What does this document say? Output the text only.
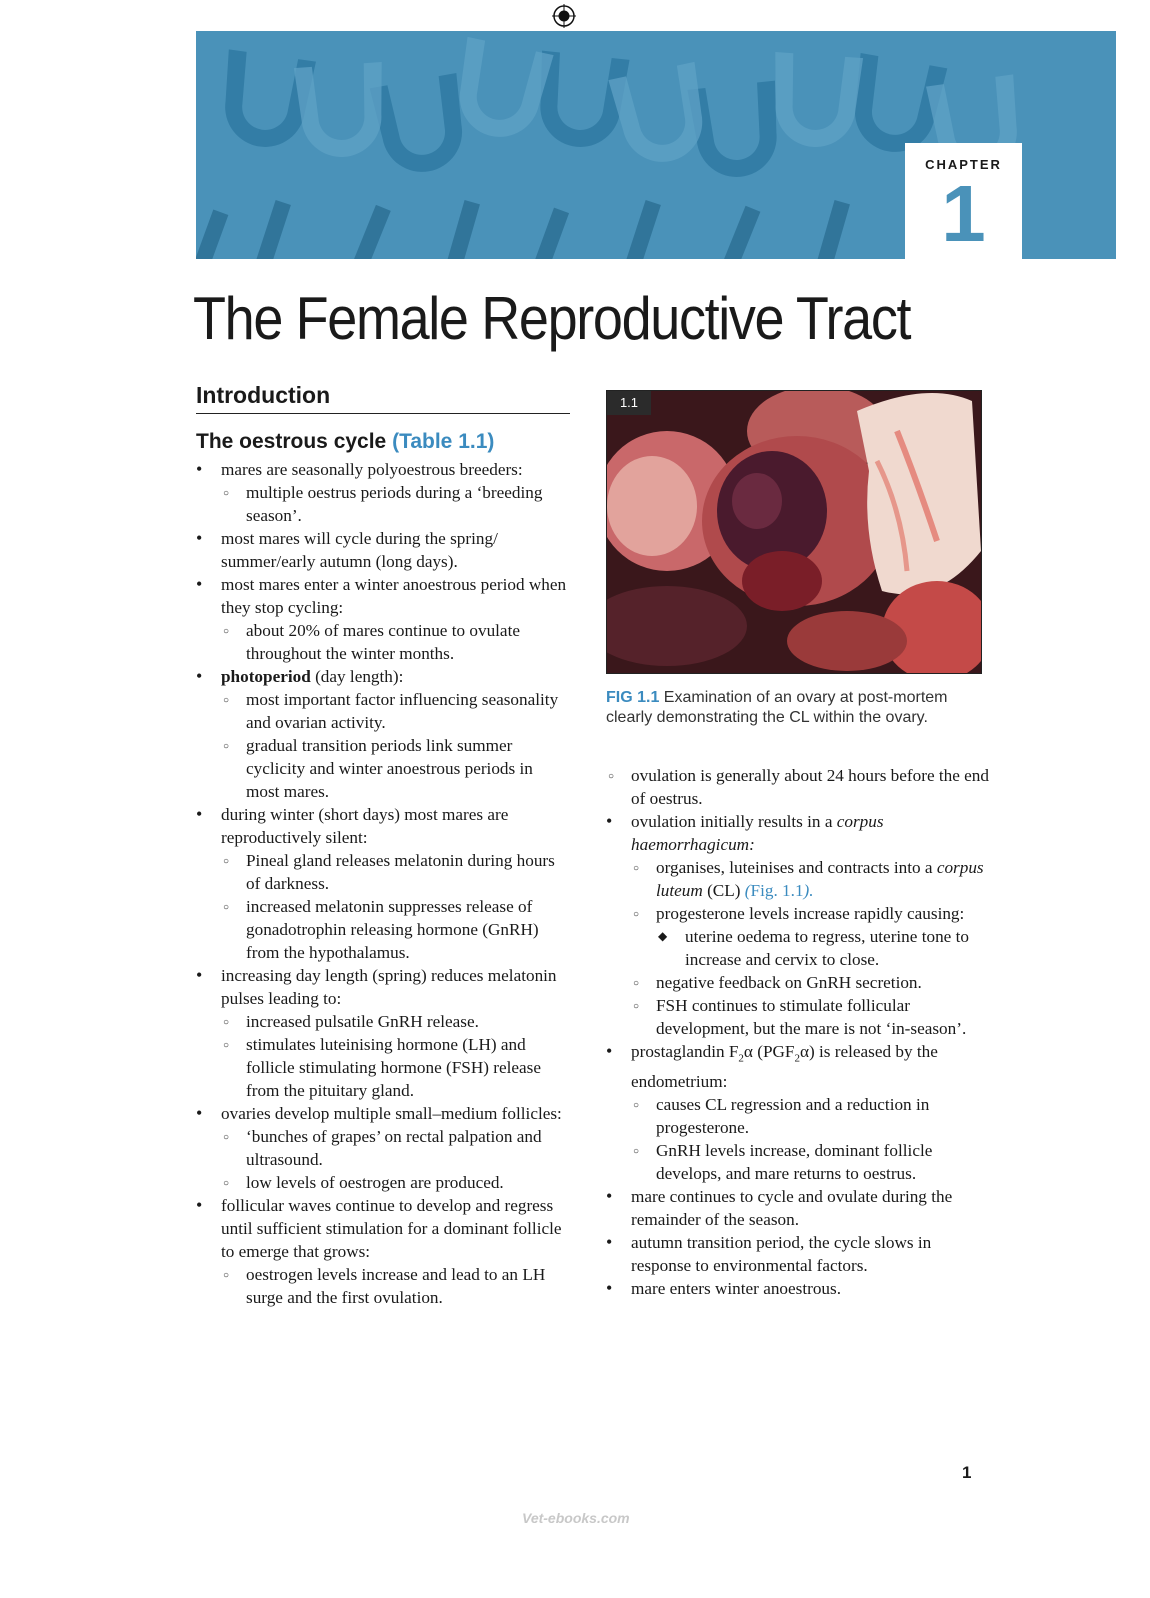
CHAPTER
1
The Female Reproductive Tract
Introduction
The oestrous cycle (Table 1.1)
• mares are seasonally polyoestrous breeders:
○ multiple oestrus periods during a ‘breeding season’.
• most mares will cycle during the spring/ summer/early autumn (long days).
• most mares enter a winter anoestrous period when they stop cycling:
○ about 20% of mares continue to ovulate throughout the winter months.
• photoperiod (day length):
○ most important factor influencing seasonality and ovarian activity.
○ gradual transition periods link summer cyclicity and winter anoestrous periods in most mares.
• during winter (short days) most mares are reproductively silent:
○ Pineal gland releases melatonin during hours of darkness.
○ increased melatonin suppresses release of gonadotrophin releasing hormone (GnRH) from the hypothalamus.
• increasing day length (spring) reduces melatonin pulses leading to:
○ increased pulsatile GnRH release.
○ stimulates luteinising hormone (LH) and follicle stimulating hormone (FSH) release from the pituitary gland.
• ovaries develop multiple small–medium follicles:
○ ‘bunches of grapes’ on rectal palpation and ultrasound.
○ low levels of oestrogen are produced.
• follicular waves continue to develop and regress until sufficient stimulation for a dominant follicle to emerge that grows:
○ oestrogen levels increase and lead to an LH surge and the first ovulation.
1.1
FIG 1.1 Examination of an ovary at post-mortem clearly demonstrating the CL within the ovary.
○ ovulation is generally about 24 hours before the end of oestrus.
• ovulation initially results in a corpus haemorrhagicum:
○ organises, luteinises and contracts into a corpus luteum (CL) (Fig. 1.1).
○ progesterone levels increase rapidly causing:
◆ uterine oedema to regress, uterine tone to increase and cervix to close.
○ negative feedback on GnRH secretion.
○ FSH continues to stimulate follicular development, but the mare is not ‘in-season’.
• prostaglandin $F_2\alpha$ $(PGF_2\alpha)$ is released by the endometrium:
○ causes CL regression and a reduction in progesterone.
○ GnRH levels increase, dominant follicle develops, and mare returns to oestrus.
• mare continues to cycle and ovulate during the remainder of the season.
• autumn transition period, the cycle slows in response to environmental factors.
• mare enters winter anoestrous.
1
Vet-ebooks.com
